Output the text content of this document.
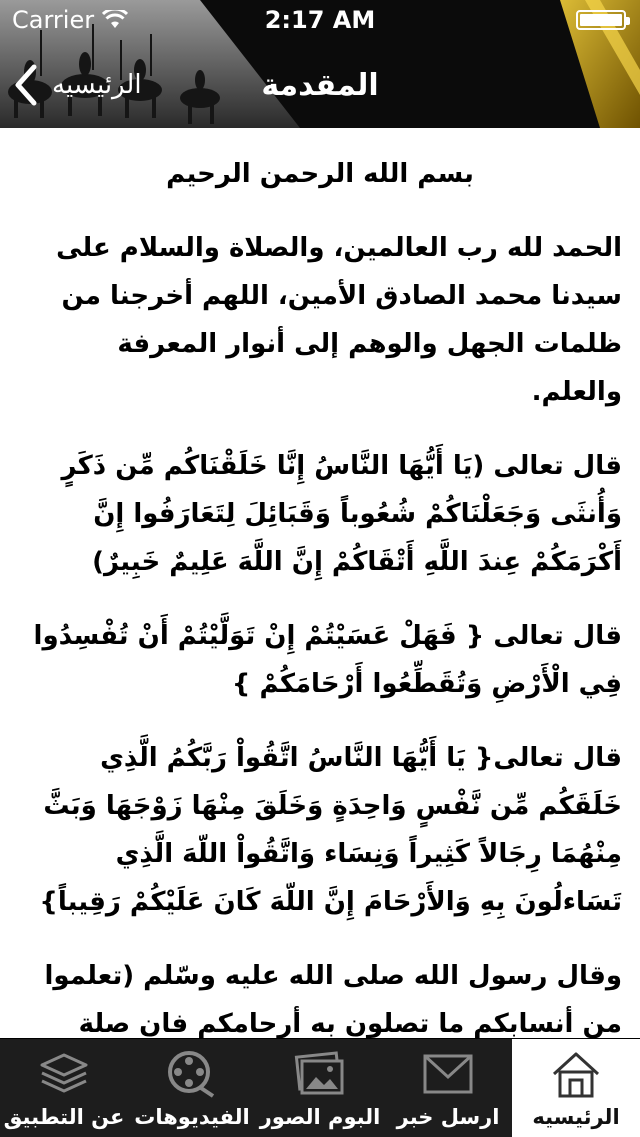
Carrier	2:17 AM
الرئيسيه	المقدمة

بسم الله الرحمن الرحيم

الحمد لله رب العالمين، والصلاة والسلام على سيدنا محمد الصادق الأمين، اللهم أخرجنا من ظلمات الجهل والوهم إلى أنوار المعرفة والعلم.

قال تعالى (يَا أَيُّهَا النَّاسُ إِنَّا خَلَقْنَاكُم مِّن ذَكَرٍ وَأُنثَى وَجَعَلْنَاكُمْ شُعُوباً وَقَبَائِلَ لِتَعَارَفُوا إِنَّ أَكْرَمَكُمْ عِندَ اللَّهِ أَتْقَاكُمْ إِنَّ اللَّهَ عَلِيمٌ خَبِيرٌ)

قال تعالى { فَهَلْ عَسَيْتُمْ إِنْ تَوَلَّيْتُمْ أَنْ تُفْسِدُوا فِي الْأَرْضِ وَتُقَطِّعُوا أَرْحَامَكُمْ }

قال تعالى{ يَا أَيُّهَا النَّاسُ اتَّقُواْ رَبَّكُمُ الَّذِي خَلَقَكُم مِّن نَّفْسٍ وَاحِدَةٍ وَخَلَقَ مِنْهَا زَوْجَهَا وَبَثَّ مِنْهُمَا رِجَالاً كَثِيراً وَنِسَاء وَاتَّقُواْ اللّهَ الَّذِي تَسَاءلُونَ بِهِ وَالأَرْحَامَ إِنَّ اللّهَ كَانَ عَلَيْكُمْ رَقِيباً}

وقال رسول الله صلى الله عليه وسّلم (تعلموا من أنسابكم ما تصلون به أرحامكم فان صلة

الرئيسيه
ارسل خبر
البوم الصور
الفيديوهات
عن التطبيق
